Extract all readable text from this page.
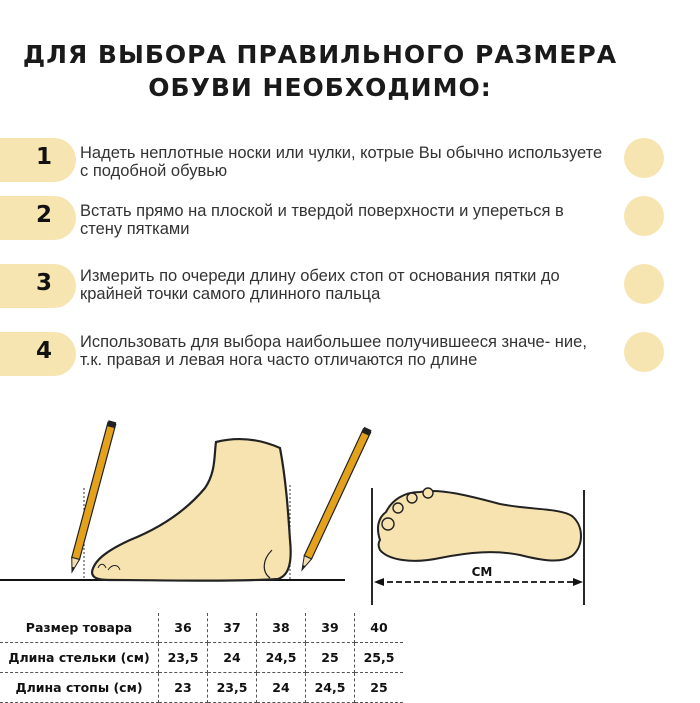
ДЛЯ ВЫБОРА ПРАВИЛЬНОГО РАЗМЕРА
ОБУВИ НЕОБХОДИМО:
1 Надеть неплотные носки или чулки, котрые Вы обычно используете с подобной обувью
2 Встать прямо на плоской и твердой поверхности и упереться в стену пятками
3 Измерить по очереди длину обеих стоп от основания пятки до крайней точки самого длинного пальца
4 Использовать для выбора наибольшее получившееся значе- ние, т.к. правая и левая нога часто отличаются по длине
СМ
Размер товара	36	37	38	39	40
Длина стельки (см)	23,5	24	24,5	25	25,5
Длина стопы (см)	23	23,5	24	24,5	25
